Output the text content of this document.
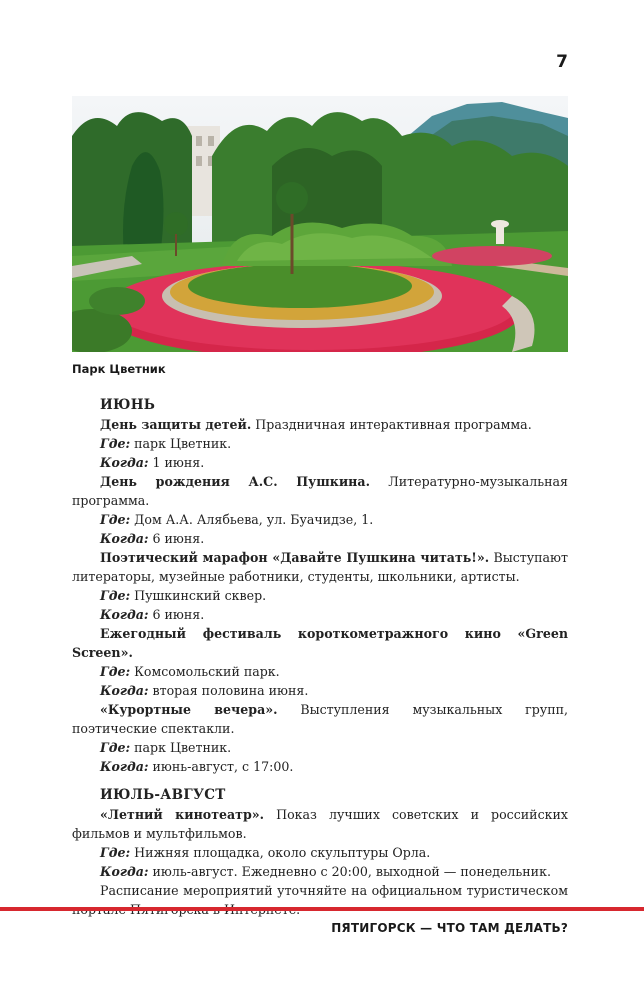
7
Парк Цветник
ИЮНЬ

День защиты детей. Праздничная интерактивная программа.

Где: парк Цветник.

Когда: 1 июня.

День рождения А.С. Пушкина. Литературно-музыкальная программа.

Где: Дом А.А. Алябьева, ул. Буачидзе, 1.

Когда: 6 июня.

Поэтический марафон «Давайте Пушкина читать!». Выступают литераторы, музейные работники, студенты, школьники, артисты.

Где: Пушкинский сквер.

Когда: 6 июня.

Ежегодный фестиваль короткометражного кино «Green Screen».

Где: Комсомольский парк.

Когда: вторая половина июня.

«Курортные вечера». Выступления музыкальных групп, поэтические спектакли.

Где: парк Цветник.

Когда: июнь-август, с 17:00.

ИЮЛЬ-АВГУСТ

«Летний кинотеатр». Показ лучших советских и российских фильмов и мультфильмов.

Где: Нижняя площадка, около скульптуры Орла.

Когда: июль-август. Ежедневно с 20:00, выходной — понедельник.

Расписание мероприятий уточняйте на официальном туристическом

ПЯТИГОРСК — ЧТО ТАМ ДЕЛАТЬ?
